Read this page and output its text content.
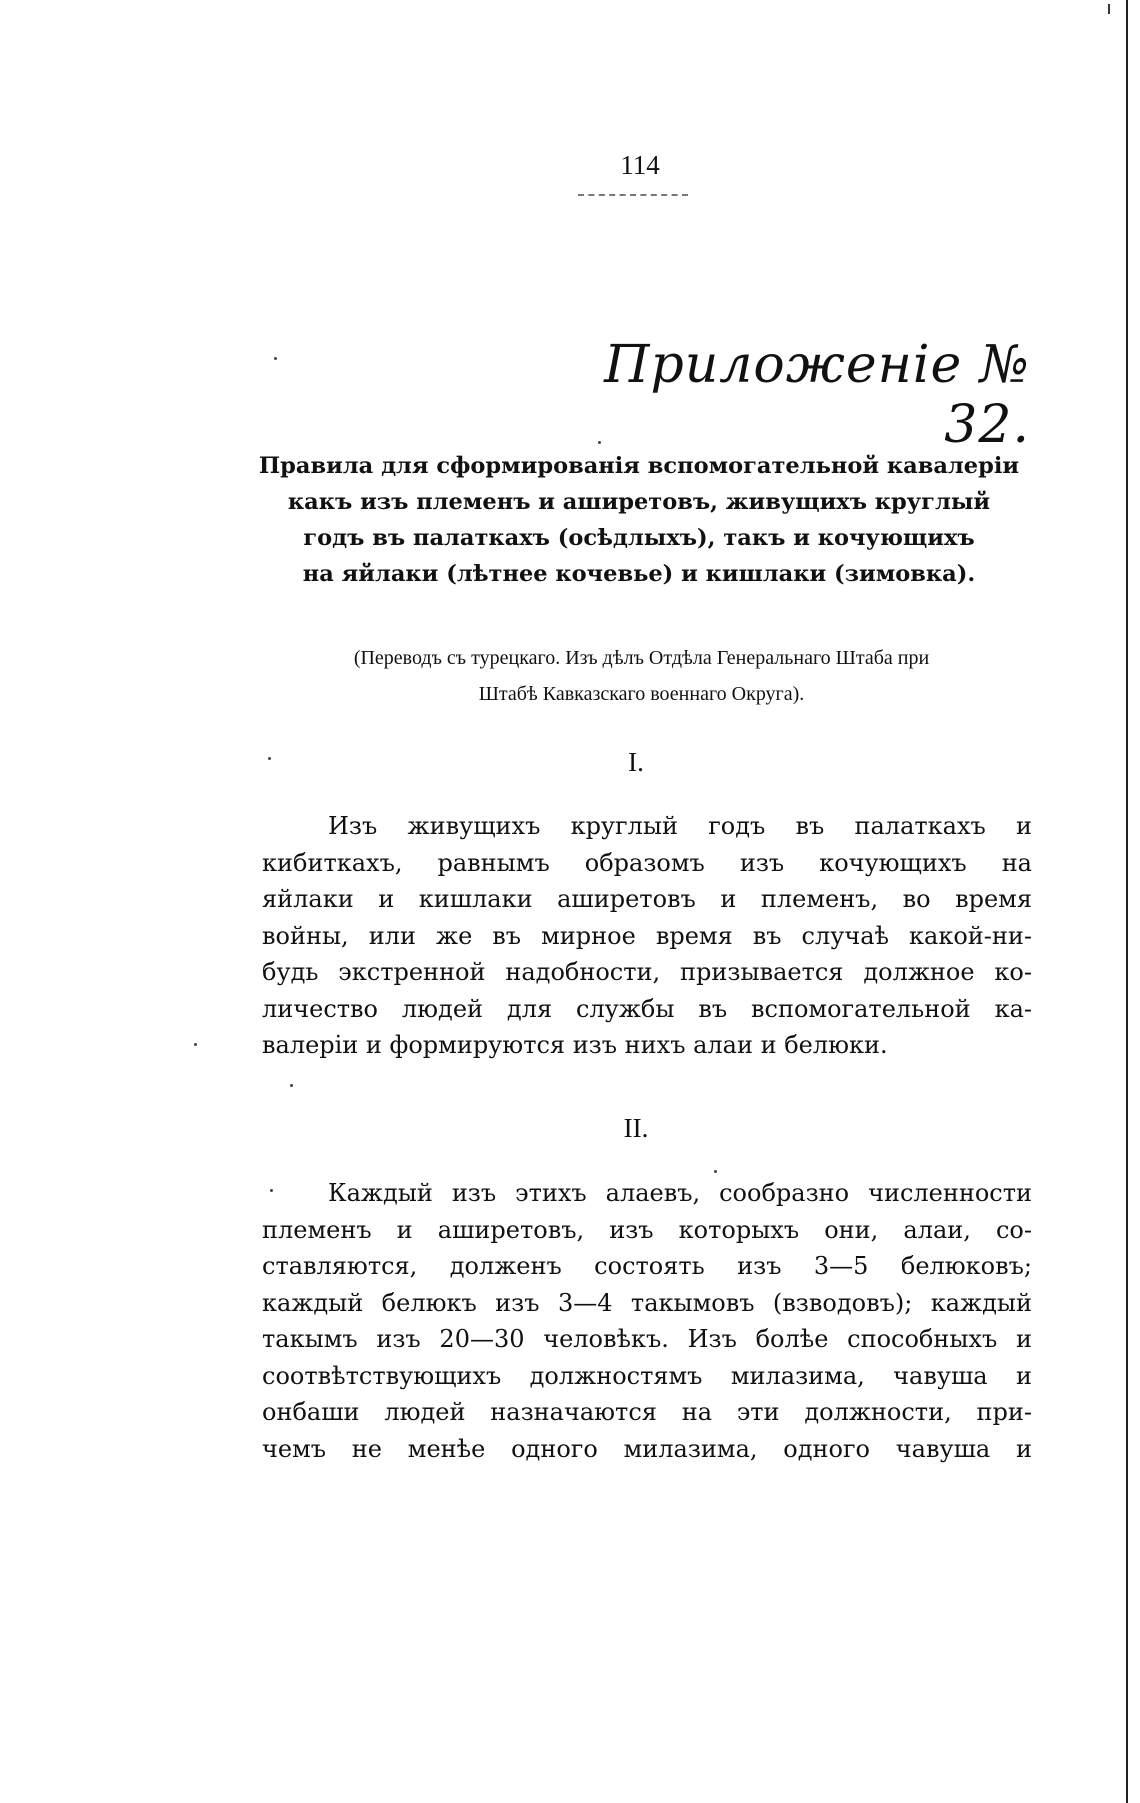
114
Приложеніе № 32.
Правила для сформированія вспомогательной кавалеріи
какъ изъ племенъ и аширетовъ, живущихъ круглый
годъ въ палаткахъ (осѣдлыхъ), такъ и кочующихъ
на яйлаки (лѣтнее кочевье) и кишлаки (зимовка).
(Переводъ съ турецкаго. Изъ дѣлъ Отдѣла Генеральнаго Штаба при
Штабѣ Кавказскаго военнаго Округа).
I.
Изъ живущихъ круглый годъ въ палаткахъ и
кибиткахъ, равнымъ образомъ изъ кочующихъ на
яйлаки и кишлаки аширетовъ и племенъ, во время
войны, или же въ мирное время въ случаѣ какой-ни-
будь экстренной надобности, призывается должное ко-
личество людей для службы въ вспомогательной ка-
валеріи и формируются изъ нихъ алаи и белюки.
II.
Каждый изъ этихъ алаевъ, сообразно численности
племенъ и аширетовъ, изъ которыхъ они, алаи, со-
ставляются, долженъ состоять изъ 3—5 белюковъ;
каждый белюкъ изъ 3—4 такымовъ (взводовъ); каждый
такымъ изъ 20—30 человѣкъ. Изъ болѣе способныхъ и
соотвѣтствующихъ должностямъ милазима, чавуша и
онбаши людей назначаются на эти должности, при-
чемъ не менѣе одного милазима, одного чавуша и
